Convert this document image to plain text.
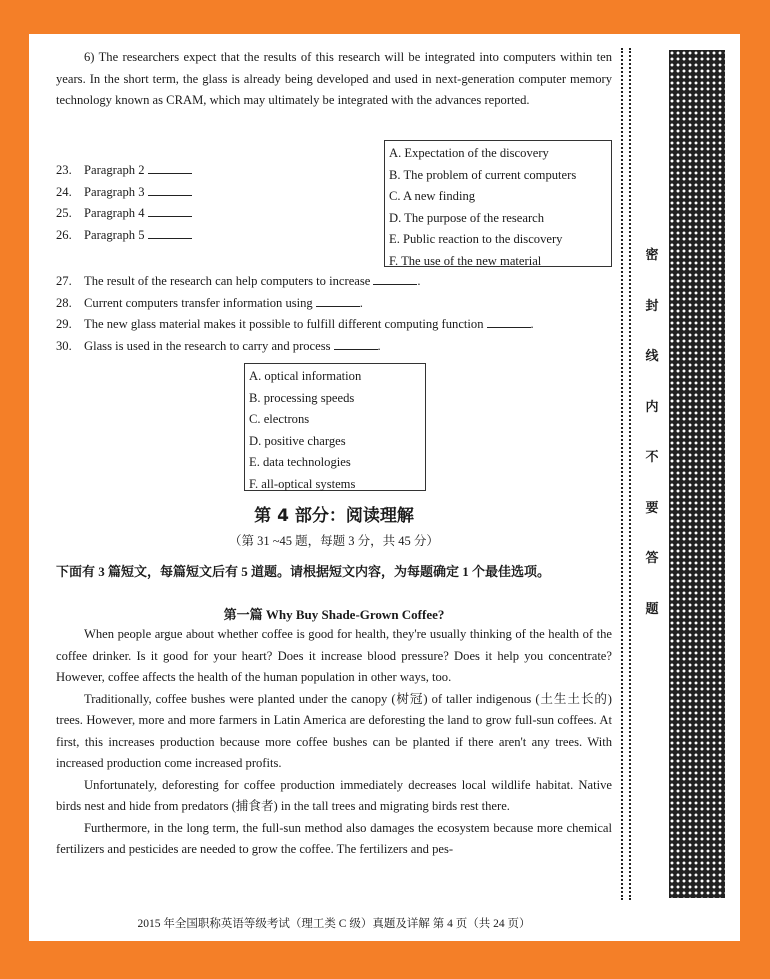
6) The researchers expect that the results of this research will be integrated into computers within ten years. In the short term, the glass is already being developed and used in next-generation computer memory technology known as CRAM, which may ultimately be integrated with the advances reported.

23. Paragraph 2
24. Paragraph 3
25. Paragraph 4
26. Paragraph 5
A. Expectation of the discovery
B. The problem of current computers
C. A new finding
D. The purpose of the research
E. Public reaction to the discovery
F. The use of the new material
27. The result of the research can help computers to increase	.
28. Current computers transfer information using	.
29. The new glass material makes it possible to fulfill different computing function	.
30. Glass is used in the research to carry and process	.
A. optical information
B. processing speeds
C. electrons
D. positive charges
E. data technologies
F. all-optical systems
第 4 部分：阅读理解
（第 31 ~45 题，每题 3 分，共 45 分）
下面有 3 篇短文，每篇短文后有 5 道题。请根据短文内容，为每题确定 1 个最佳选项。
第一篇 Why Buy Shade-Grown Coffee?

When people argue about whether coffee is good for health, they're usually thinking of the health of the coffee drinker. Is it good for your heart? Does it increase blood pressure? Does it help you concentrate? However, coffee affects the health of the human population in other ways, too.

Traditionally, coffee bushes were planted under the canopy (树冠) of taller indigenous (土生土长的) trees. However, more and more farmers in Latin America are deforesting the land to grow full-sun coffees. At first, this increases production because more coffee bushes can be planted if there aren't any trees. With increased production come increased profits.

Unfortunately, deforesting for coffee production immediately decreases local wildlife habitat. Native birds nest and hide from predators (捕食者) in the tall trees and migrating birds rest there.

Furthermore, in the long term, the full-sun method also damages the ecosystem because more chemical fertilizers and pesticides are needed to grow the coffee. The fertilizers and pes-

2015 年全国职称英语等级考试（理工类 C 级）真题及详解 第 4 页（共 24 页）
密
封
线
内
不
要
答
题
